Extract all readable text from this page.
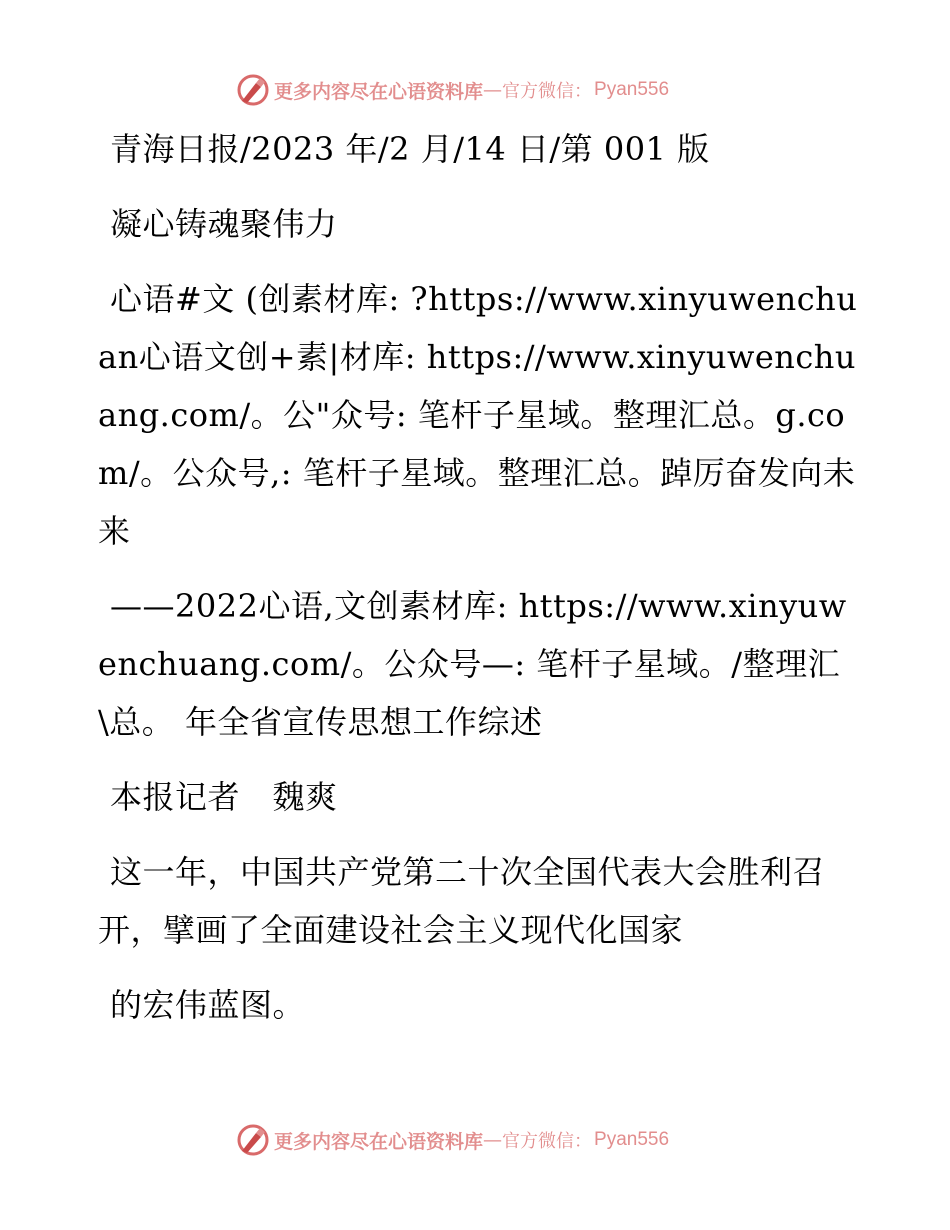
更多内容尽在心语资料库 — 官方微信： Pyan556

青海日报/2023 年/2 月/14 日/第 001 版

凝心铸魂聚伟力

心语#文 (创素材库: ?https://www.xinyuwenchuan心语文创+素|材库: https://www.xinyuwenchuang.com/。公"众号: 笔杆子星域。整理汇总。g.com/。公众号,: 笔杆子星域。整理汇总。踔厉奋发向未来

——2022心语,文创素材库: https://www.xinyuwenchuang.com/。公众号—: 笔杆子星域。/整理汇\总。 年全省宣传思想工作综述

本报记者　魏爽

这一年，中国共产党第二十次全国代表大会胜利召开，擘画了全面建设社会主义现代化国家

的宏伟蓝图。

更多内容尽在心语资料库 — 官方微信： Pyan556
